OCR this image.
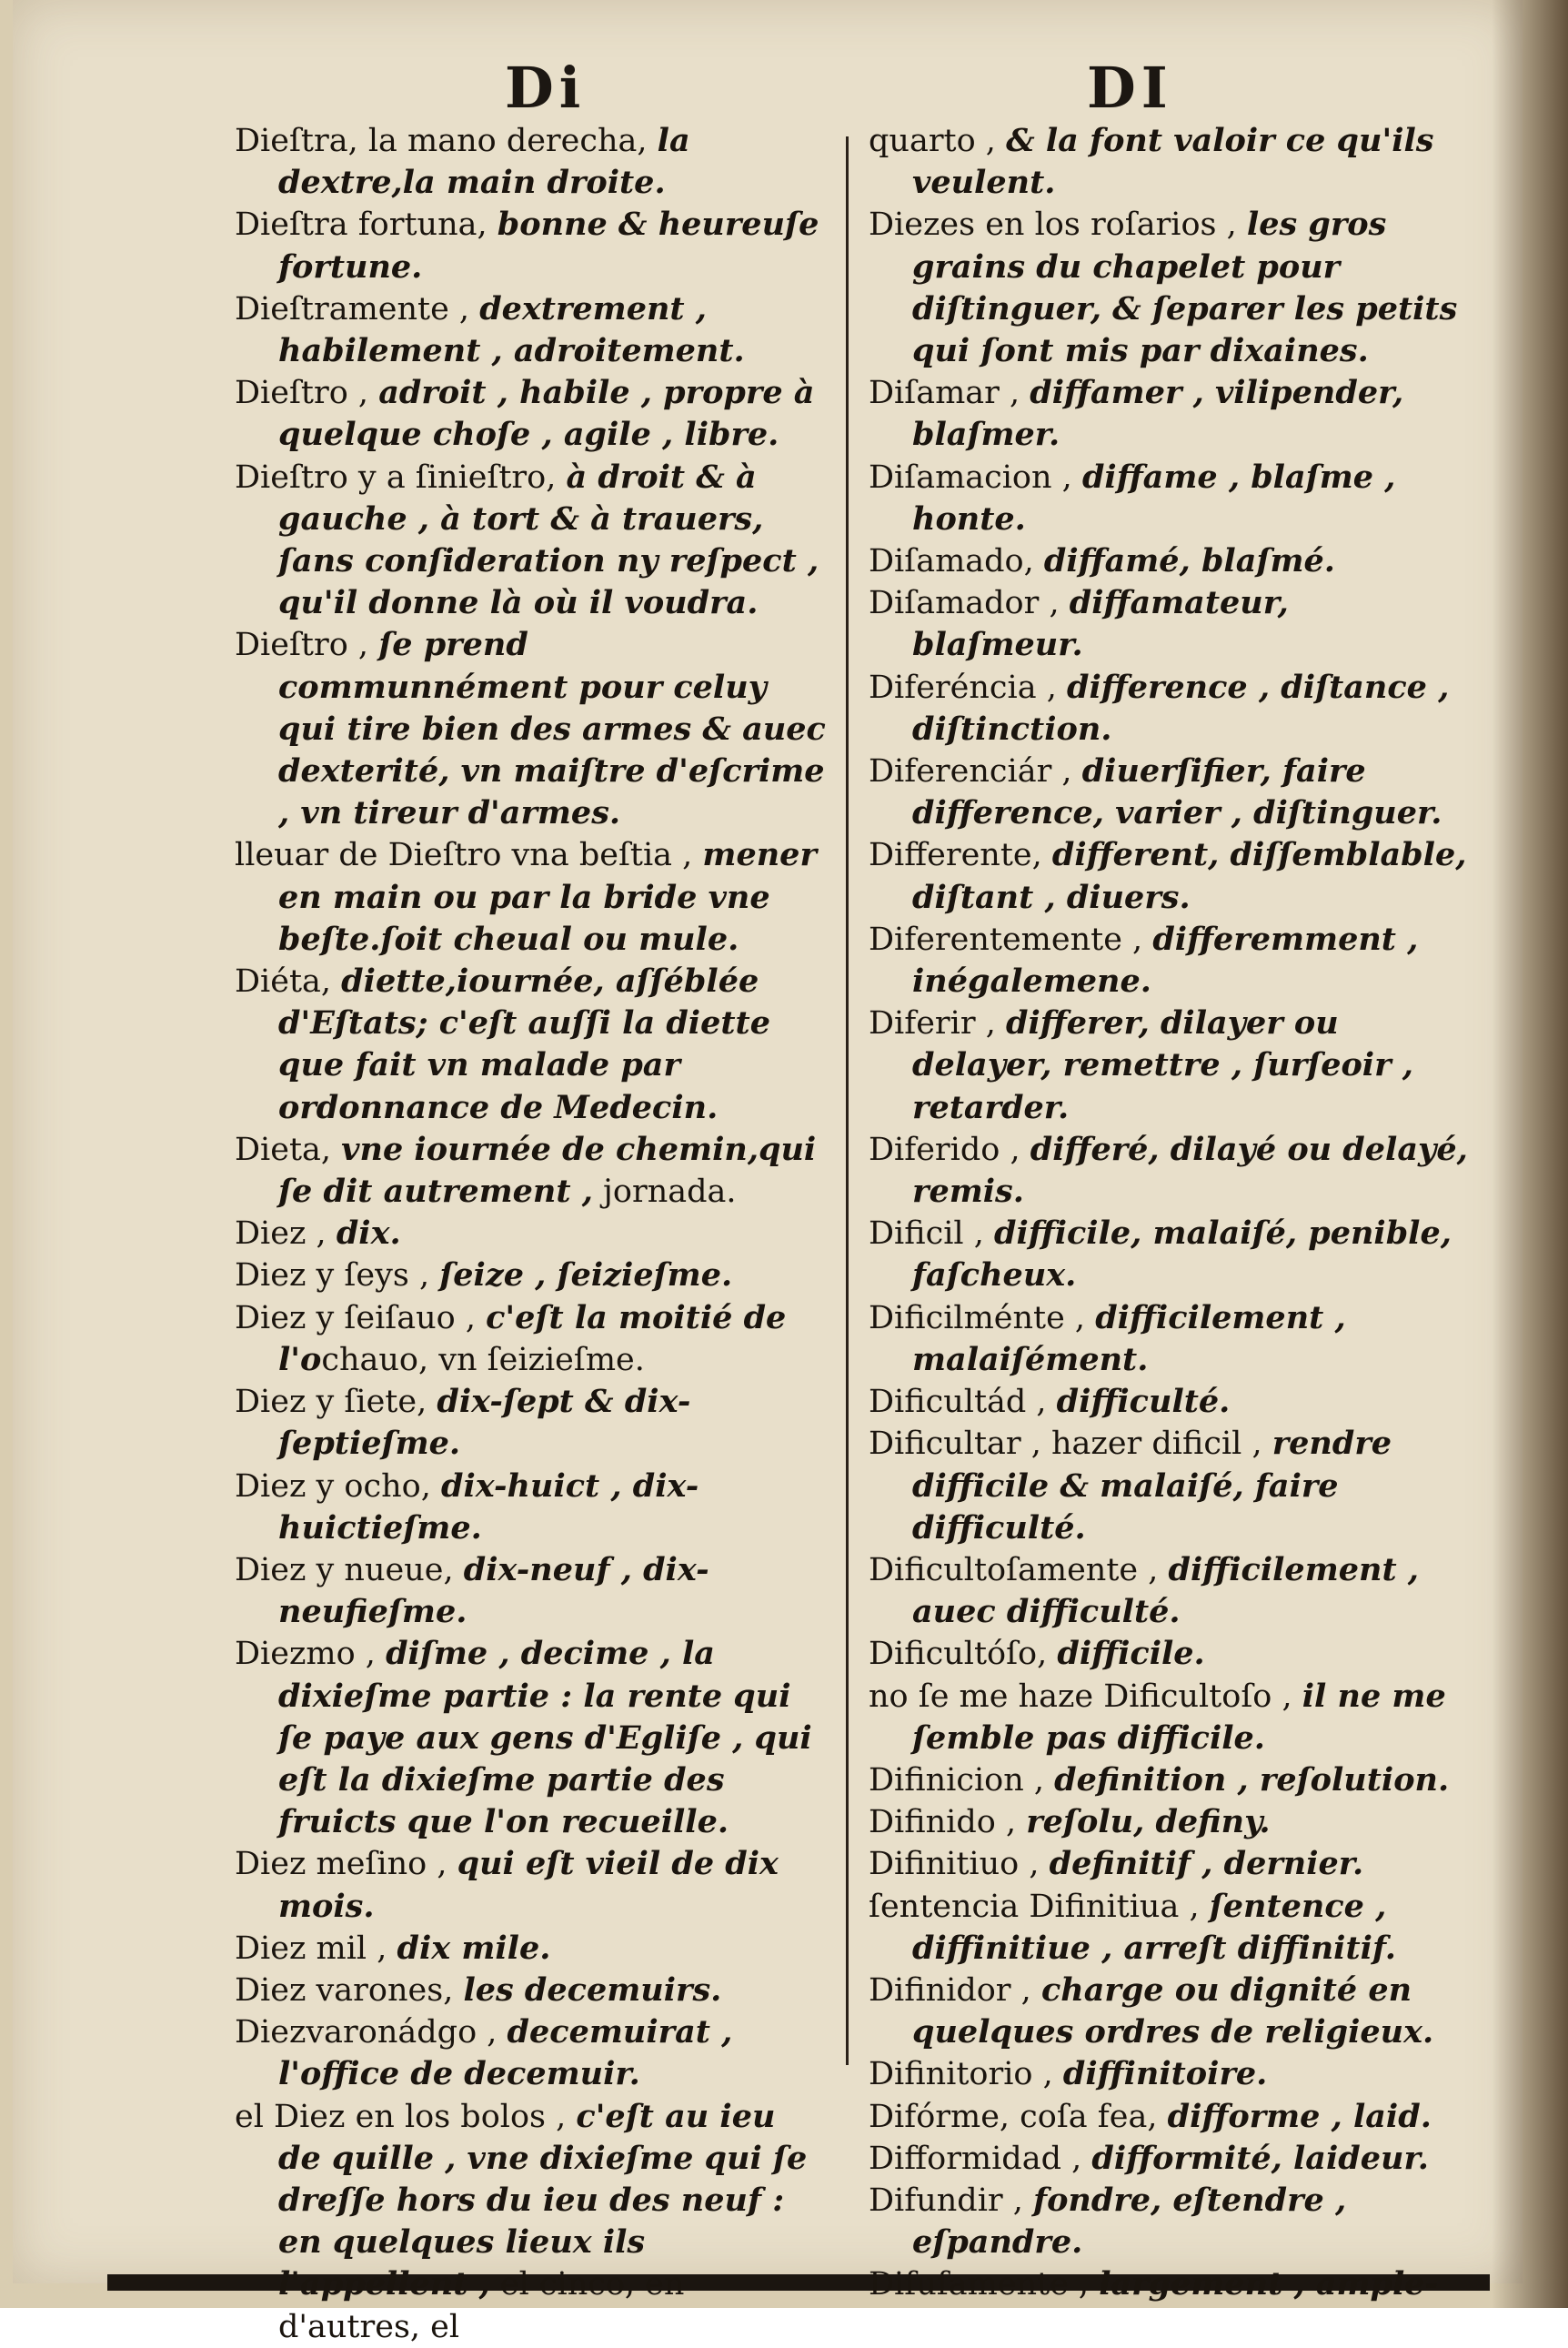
Di	DI

Dieſtra, la mano derecha, la dextre,la main droite.

Dieſtra fortuna, bonne & heureuſe fortune.

Dieſtramente , dextrement , habilement , adroitement.

Dieſtro , adroit , habile , propre à quelque choſe , agile , libre.

Dieſtro y a ſinieſtro, à droit & à gauche , à tort & à trauers, ſans conſideration ny reſpect , qu'il donne là où il voudra.

Dieſtro , ſe prend communnément pour celuy qui tire bien des armes & auec dexterité, vn maiſtre d'eſcrime , vn tireur d'armes.

lleuar de Dieſtro vna beſtia , mener en main ou par la bride vne beſte.ſoit cheual ou mule.

Diéta, diette,iournée, aſſéblée d'Eſtats; c'eſt auſſi la diette que fait vn malade par ordonnance de Medecin.

Dieta, vne iournée de chemin,qui ſe dit autrement , jornada.

Diez , dix.

Diez y ſeys , ſeize , ſeizieſme.

Diez y ſeiſauo , c'eſt la moitié de l'ochauo, vn ſeizieſme.

Diez y ſiete, dix-ſept & dix-ſeptieſme.

Diez y ocho, dix-huict , dix-huictieſme.

Diez y nueue, dix-neuf , dix-neufieſme.

Diezmo , diſme , decime , la dixieſme partie : la rente qui ſe paye aux gens d'Egliſe , qui eſt la dixieſme partie des fruicts que l'on recueille.

Diez meſino , qui eſt vieil de dix mois.

Diez mil , dix mile.

Diez varones, les decemuirs.

Diezvaronádgo , decemuirat , l'office de decemuir.

el Diez en los bolos , c'eſt au ieu de quille , vne dixieſme qui ſe dreſſe hors du ieu des neuf : en quelques lieux ils l'appellent , el cinco, en d'autres, el

quarto , & la font valoir ce qu'ils veulent.

Diezes en los roſarios , les gros grains du chapelet pour diſtinguer, & ſeparer les petits qui ſont mis par dixaines.

Diſamar , diffamer , vilipender, blaſmer.

Diſamacion , diffame , blaſme , honte.

Diſamado, diffamé, blaſmé.

Diſamador , diffamateur, blaſmeur.

Diferéncia , difference , diſtance , diſtinction.

Diferenciár , diuerſifier, faire difference, varier , diſtinguer.

Differente, different, diſſemblable, diſtant , diuers.

Diferentemente , differemment , inégalemene.

Diferir , differer, dilayer ou delayer, remettre , ſurſeoir , retarder.

Diferido , differé, dilayé ou delayé, remis.

Dificil , difficile, malaiſé, penible, faſcheux.

Dificilménte , difficilement , malaiſément.

Dificultád , difficulté.

Dificultar , hazer dificil , rendre difficile & malaiſé, faire difficulté.

Dificultoſamente , difficilement , auec difficulté.

Dificultóſo, difficile.

no ſe me haze Dificultoſo , il ne me ſemble pas difficile.

Difinicion , definition , reſolution.

Difinido , reſolu, definy.

Difinitiuo , definitif , dernier.

ſentencia Difinitiua , ſentence , diffinitiue , arreſt diffinitif.

Difinidor , charge ou dignité en quelques ordres de religieux.

Difinitorio , diffinitoire.

Difórme, coſa fea, difforme , laid.

Difformidad , difformité, laideur.

Difundir , fondre, eſtendre , eſpandre.

Difuſamente , largement , ample-
